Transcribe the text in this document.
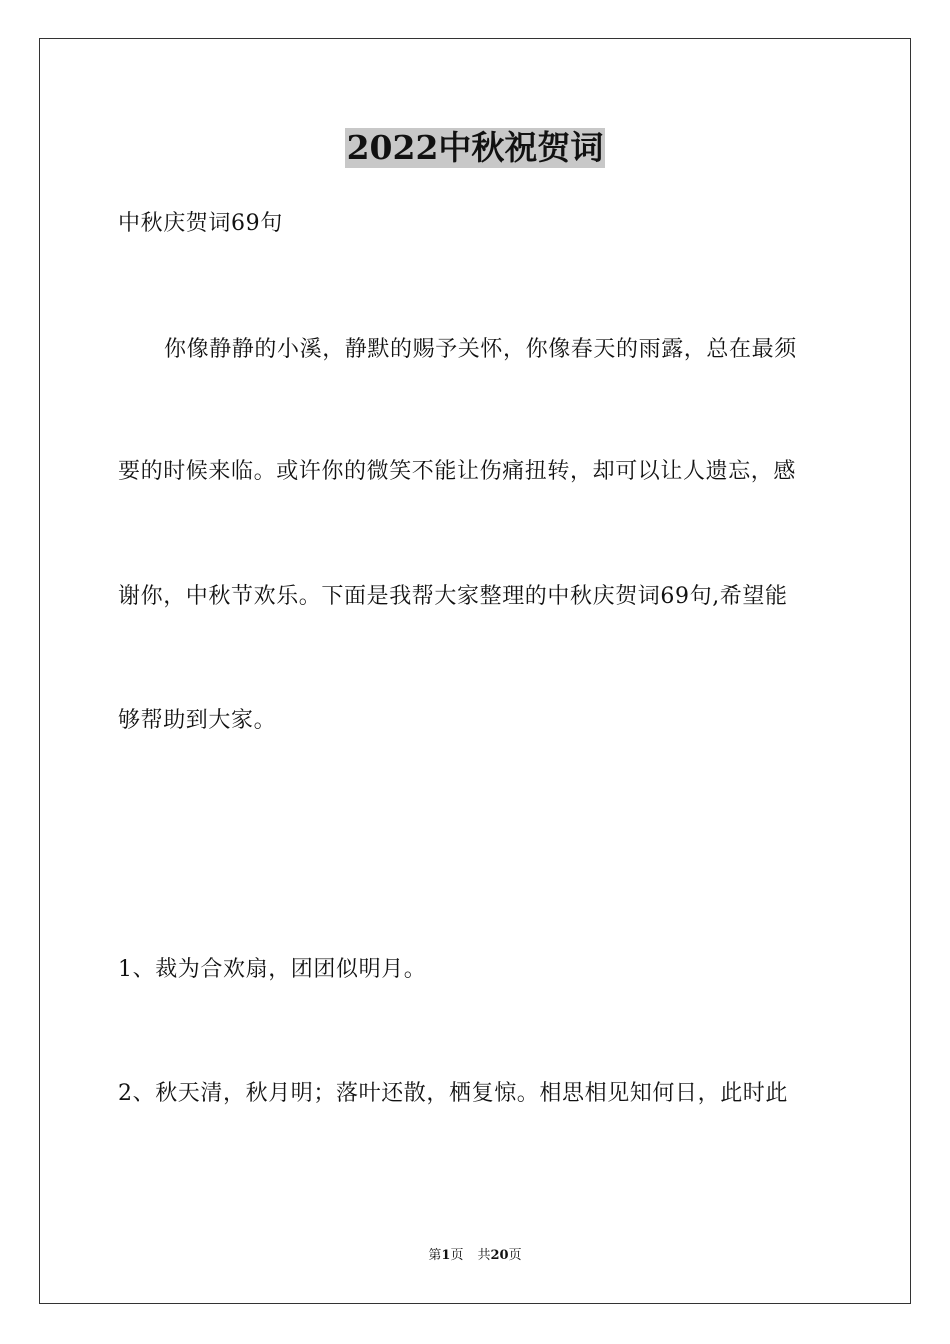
2022中秋祝贺词
中秋庆贺词69句
你像静静的小溪，静默的赐予关怀，你像春天的雨露，总在最须
要的时候来临。或许你的微笑不能让伤痛扭转，却可以让人遗忘，感
谢你，中秋节欢乐。下面是我帮大家整理的中秋庆贺词69句,希望能
够帮助到大家。
1、裁为合欢扇，团团似明月。
2、秋天清，秋月明；落叶还散，栖复惊。相思相见知何日，此时此
第1页 共20页
